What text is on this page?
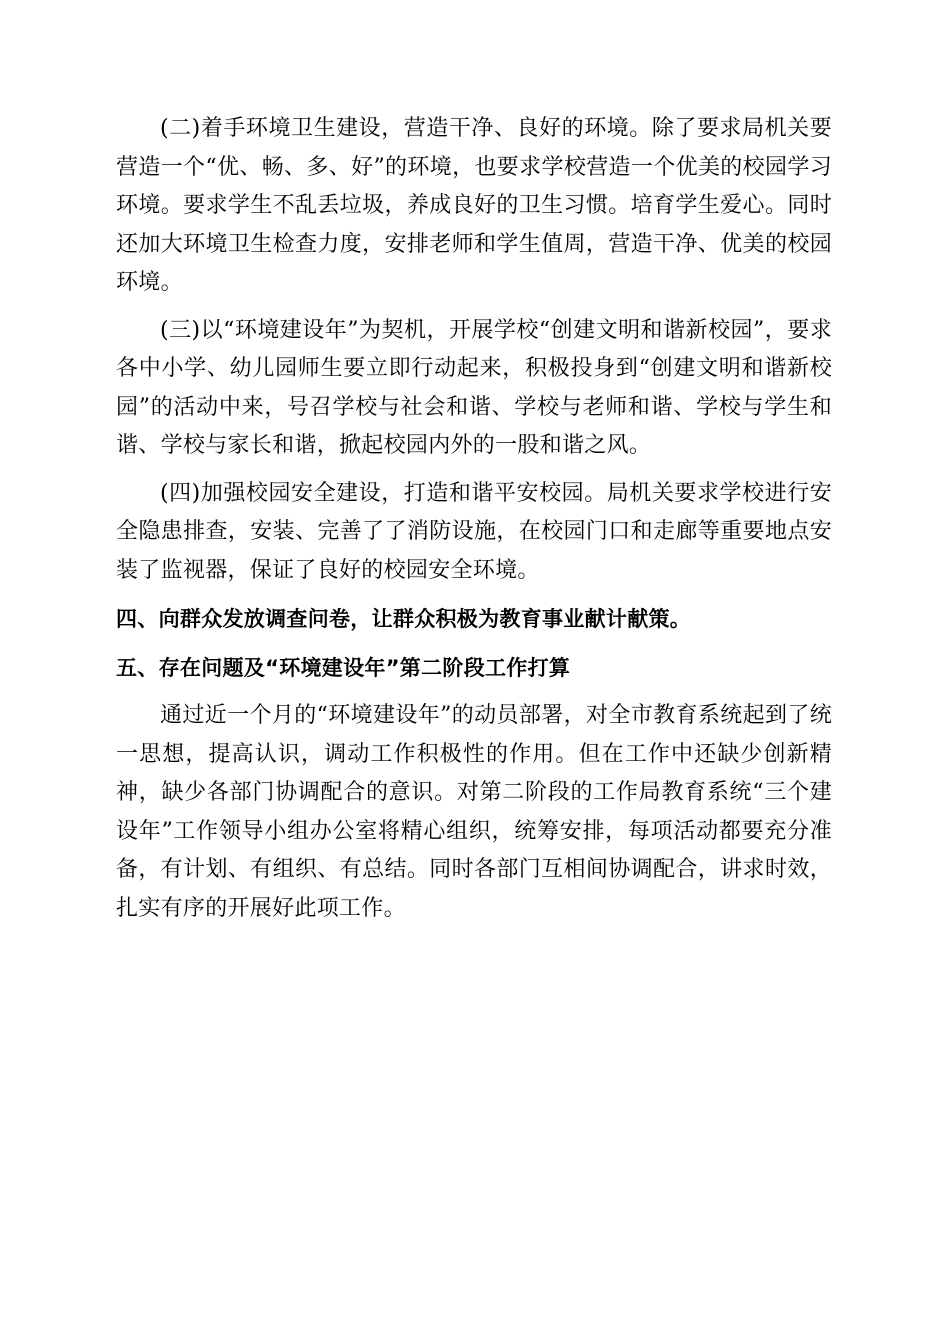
(二)着手环境卫生建设，营造干净、良好的环境。除了要求局机关要营造一个“优、畅、多、好”的环境，也要求学校营造一个优美的校园学习环境。要求学生不乱丢垃圾，养成良好的卫生习惯。培育学生爱心。同时还加大环境卫生检查力度，安排老师和学生值周，营造干净、优美的校园环境。

(三)以“环境建设年”为契机，开展学校“创建文明和谐新校园”，要求各中小学、幼儿园师生要立即行动起来，积极投身到“创建文明和谐新校园”的活动中来，号召学校与社会和谐、学校与老师和谐、学校与学生和谐、学校与家长和谐，掀起校园内外的一股和谐之风。

(四)加强校园安全建设，打造和谐平安校园。局机关要求学校进行安全隐患排查，安装、完善了了消防设施，在校园门口和走廊等重要地点安装了监视器，保证了良好的校园安全环境。

四、向群众发放调查问卷，让群众积极为教育事业献计献策。

五、存在问题及“环境建设年”第二阶段工作打算

通过近一个月的“环境建设年”的动员部署，对全市教育系统起到了统一思想，提高认识，调动工作积极性的作用。但在工作中还缺少创新精神，缺少各部门协调配合的意识。对第二阶段的工作局教育系统“三个建设年”工作领导小组办公室将精心组织，统筹安排，每项活动都要充分准备，有计划、有组织、有总结。同时各部门互相间协调配合，讲求时效，扎实有序的开展好此项工作。
